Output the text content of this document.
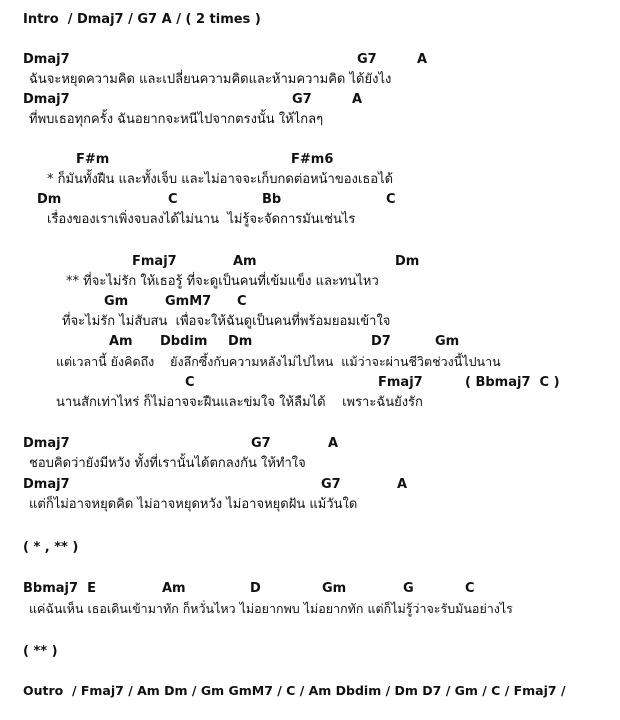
Intro  / Dmaj7 / G7 A / ( 2 times )
Dmaj7	G7	A
ฉันจะหยุดความคิด และเปลี่ยนความคิดและห้ามความคิด ได้ยังไง
Dmaj7	G7	A
ที่พบเธอทุกครั้ง ฉันอยากจะหนีไปจากตรงนั้น ให้ไกลๆ
F#m	F#m6
* ก็มันทั้งฝืน และทั้งเจ็บ และไม่อาจจะเก็บกดต่อหน้าของเธอได้
Dm	C	Bb	C
เรื่องของเราเพิ่งจบลงได้ไม่นาน  ไม่รู้จะจัดการมันเช่นไร
Fmaj7	Am	Dm
** ที่จะไม่รัก ให้เธอรู้ ที่จะดูเป็นคนที่เข้มแข็ง และทนไหว
Gm	GmM7 C
ที่จะไม่รัก ไม่สับสน  เพื่อจะให้ฉันดูเป็นคนที่พร้อมยอมเข้าใจ
Am Dbdim Dm	D7	Gm
แต่เวลานี้ ยังคิดถึง    ยังลึกซึ้งกับความหลังไม่ไปไหน  แม้ว่าจะผ่านชีวิตช่วงนี้ไปนาน
C	Fmaj7	( Bbmaj7  C )
นานสักเท่าไหร่ ก็ไม่อาจจะฝืนและข่มใจ ให้ลืมได้    เพราะฉันยังรัก
Dmaj7	G7	A
ชอบคิดว่ายังมีหวัง ทั้งที่เรานั้นได้ตกลงกัน ให้ทำใจ
Dmaj7	G7	A
แต่ก็ไม่อาจหยุดคิด ไม่อาจหยุดหวัง ไม่อาจหยุดฝัน แม้วันใด
( * , ** )
Bbmaj7  E	Am	D	Gm	G	C
แค่ฉันเห็น เธอเดินเข้ามาทัก ก็หวั่นไหว ไม่อยากพบ ไม่อยากทัก แต่ก็ไม่รู้ว่าจะรับมันอย่างไร
( ** )
Outro  / Fmaj7 / Am Dm / Gm GmM7 / C / Am Dbdim / Dm D7 / Gm / C / Fmaj7 /
